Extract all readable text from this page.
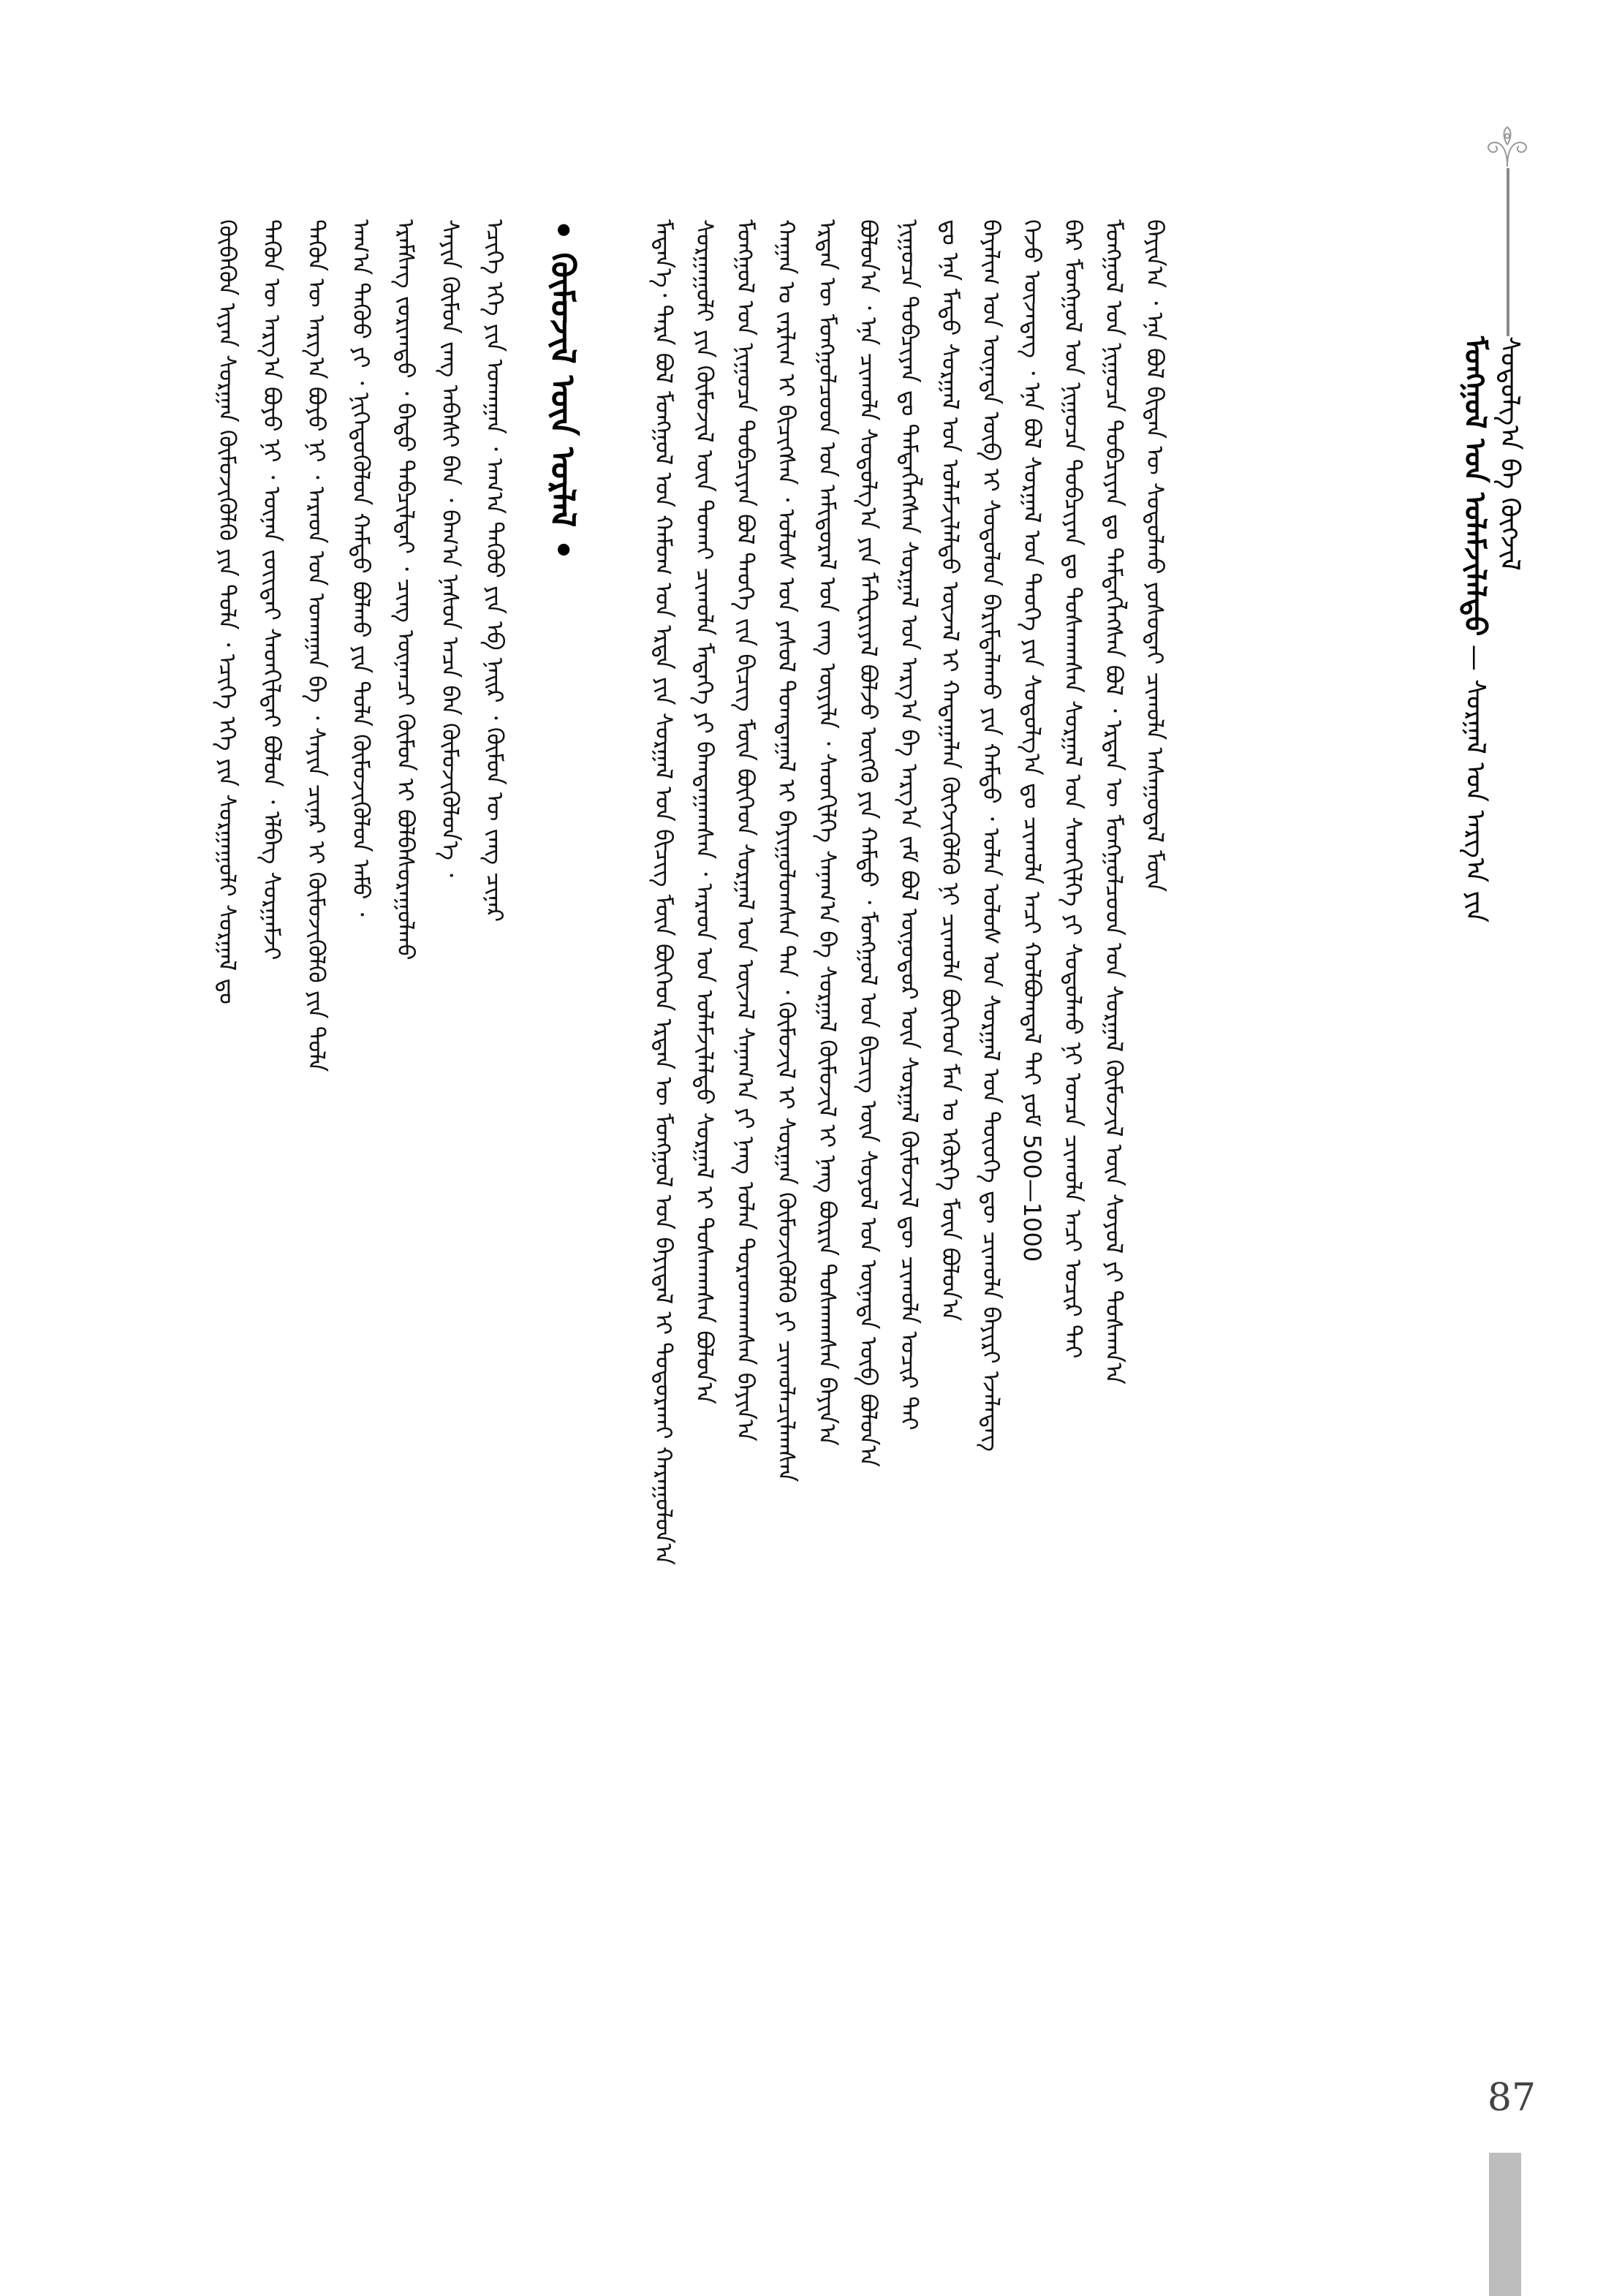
ᠮᠣᠩᠭᠣᠯ ᠤᠨ ᠤᠯᠠᠮᠵᠢᠯᠠᠯᠲᠤ — ᠰᠤᠷᠭᠠᠯ ᠤᠨ ᠠᠷᠭ᠎ᠠ ᠶᠢᠨ ᠰᠤᠳᠤᠯᠭ᠎ᠠ ᠪᠠ ᠬᠥᠭᠵᠢᠯ
ᠮᠡᠳᠡᠨ᠎ᠡ᠂ ᠲᠡᠷᠡ ᠪᠣᠯ ᠮᠣᠩᠭᠣᠯ ᠤᠨ ᠬᠠᠮᠤᠭ ᠤᠨ ᠡᠷᠲᠡ ᠶᠢᠨ ᠰᠤᠷᠭᠠᠯ ᠤᠨ ᠪᠢᠴᠢᠭ ᠮᠥᠨ ᠪᠥᠭᠡᠳ ᠡᠷᠲᠡᠨ ᠦ ᠮᠣᠩᠭᠣᠯ ᠤᠨ ᠪᠠᠶᠢᠳᠠᠯ ᠢ ᠲᠣᠳᠤᠷᠬᠠᠢ ᠬᠠᠷᠠᠭᠤᠯᠤᠨ᠎ᠠ ᠰᠤᠷᠭᠠᠭᠤᠯᠢ ᠶᠢᠨ ᠬᠥᠮᠦᠵᠢᠯ ᠦᠨ ᠲᠤᠬᠠᠢ ᠴᠢᠬᠤᠯᠠ ᠮᠡᠳᠡᠭᠡ ᠶᠢ ᠪᠠᠭᠲᠠᠭᠠᠭᠰᠠᠨ ᠂ ᠠᠷᠠᠳ ᠤᠨ ᠤᠯᠠᠮᠵᠢᠯᠠᠯᠲᠤ ᠰᠤᠷᠭᠠᠯ ᠢ ᠲᠤᠰᠬᠠᠭᠰᠠᠨ ᠪᠣᠯᠤᠨ᠎ᠠ ᠮᠣᠩᠭᠣᠯ ᠤᠨ ᠨᠢᠭᠤᠴᠠ ᠲᠣᠪᠴᠢᠶᠠᠨ ᠪᠣᠯ ᠲᠡᠦᠬᠡ ᠵᠢᠨ ᠪᠢᠴᠢᠭ ᠮᠥᠨ ᠪᠥᠭᠡᠳ ᠰᠤᠷᠭᠠᠯ ᠤᠨ ᠦᠵᠡᠯ ᠰᠠᠨᠠᠭ᠎ᠠ ᠶᠢ ᠨᠡᠩ ᠣᠯᠠᠨ ᠳᠤᠷᠠᠳᠬᠠᠭᠰᠠᠨ ᠪᠠᠶᠢᠨ᠎ᠠ ᠬᠠᠭᠠᠨ ᠤ ᠵᠠᠷᠯᠢᠭ ᠢ ᠪᠢᠴᠢᠭᠰᠡᠨ ᠂ ᠤᠯᠤᠰ ᠤᠨ ᠶᠠᠰᠤᠯ ᠲᠣᠭᠲᠠᠭᠠᠯ ᠢ ᠪᠠᠶᠢᠭᠤᠯᠤᠭᠰᠠᠨ ᠲᠠᠨ ᠂ ᠬᠦᠮᠦᠵᠢᠯ ᠢ ᠰᠤᠷᠭᠠᠨ ᠬᠥᠮᠦᠵᠢᠭᠦᠯᠬᠦ ᠶᠢ ᠴᠢᠬᠤᠯᠠᠴᠢᠯᠠᠭᠰᠠᠨ ᠡᠷᠲᠡᠨ ᠦ ᠮᠣᠩᠭᠣᠯᠴᠤᠳ ᠤᠨ ᠠᠮᠢᠳᠤᠷᠠᠯ ᠤᠨ ᠵᠠᠩ ᠦᠶᠢᠯᠡ ᠂ ᠰᠡᠳᠬᠢᠯᠭᠡ ᠰᠠᠨᠠᠭ᠎ᠠ ᠪᠠ ᠰᠤᠷᠭᠠᠯ ᠬᠥᠮᠦᠵᠢᠯ ᠢ ᠨᠡᠩ ᠪᠦᠷᠢᠨ ᠲᠤᠰᠬᠠᠭᠰᠠᠨ ᠪᠠᠶᠢᠨ᠎ᠠ ᠪᠣᠯᠤᠨ᠎ᠠ ᠂ ᠡᠨᠡ ᠴᠢᠬᠤᠯᠠ ᠰᠤᠳᠤᠯᠭ᠎ᠠ ᠶᠢᠨ ᠮᠠᠲ᠋ᠧᠷᠢᠶᠠᠯ ᠪᠣᠯᠵᠤ ᠥᠭᠬᠦ ᠶᠢᠨ ᠬᠠᠮᠲᠤ ᠂ ᠮᠣᠩᠭᠣᠯ ᠤᠨ ᠪᠢᠴᠢᠭ ᠦᠨ ᠰᠣᠶᠣᠯ ᠤᠨ ᠦᠨᠡᠲᠡ ᠥᠪ ᠪᠣᠯᠤᠨ᠎ᠠ ᠨᠢᠭᠤᠴᠠ ᠲᠣᠪᠴᠢᠶᠠᠨ ᠳᠤ ᠲᠡᠮᠳᠡᠭᠯᠡᠭᠰᠡᠨ ᠰᠤᠷᠭᠠᠯ ᠤᠨ ᠠᠷᠭ᠎ᠠ ᠪᠠ ᠠᠷᠭ᠎ᠠ ᠵᠠᠮ ᠪᠣᠯ ᠥᠨᠥᠳᠥᠷ ᠦᠨ ᠰᠤᠷᠭᠠᠯ ᠬᠥᠮᠦᠵᠢᠯ ᠳᠦ ᠴᠢᠬᠤᠯᠠ ᠤᠴᠢᠷ ᠲᠠᠢ ᠳᠤ ᠡᠨᠡ ᠮᠡᠲᠦ ᠰᠤᠷᠭᠠᠯ ᠤᠨ ᠤᠯᠠᠮᠵᠢᠯᠠᠯᠲᠤ ᠦᠵᠡᠯ ᠢ ᠬᠠᠳᠠᠭᠠᠯᠠᠨ ᠬᠥᠭᠵᠢᠭᠦᠯᠬᠦ ᠨᠢ ᠴᠢᠬᠤᠯᠠ ᠪᠥᠭᠡᠳ ᠮᠠᠨ ᠤ ᠡᠭᠦᠷᠭᠡ ᠮᠥᠨ ᠪᠣᠯᠤᠨ᠎ᠠ ᠪᠠᠶᠠᠯᠢᠭ ᠤᠨ ᠦᠨᠡᠲᠡ ᠥᠪ ᠢ ᠰᠤᠳᠤᠯᠤᠨ ᠪᠠᠷᠢᠮᠲᠠᠯᠠᠬᠤ ᠶᠢᠨ ᠬᠠᠮᠲᠤ ᠂ ᠣᠯᠠᠨ ᠤᠯᠤᠰ ᠤᠨ ᠰᠤᠷᠭᠠᠯ ᠤᠨ ᠲᠦᠦᠬᠡ ᠳᠦ ᠴᠢᠬᠤᠯᠠ ᠪᠠᠶᠢᠷᠢ ᠡᠵᠡᠯᠡᠳᠡᠭ ᠭᠡᠵᠦ ᠦᠵᠡᠳᠡᠭ ᠂ ᠡᠨᠡ ᠪᠣᠯ ᠰᠤᠷᠭᠠᠯ ᠤᠨ ᠲᠡᠦᠬᠡ ᠶᠢᠨ ᠰᠤᠳᠤᠯᠭ᠎ᠠ ᠳᠤ ᠴᠢᠬᠤᠯᠠ ᠠᠴᠢ ᠬᠣᠯᠪᠣᠭᠳᠠᠯ ᠲᠠᠢ ᠶᠤᠮ 500—1000 ᠪᠠᠷ ᠮᠣᠩᠭᠣᠯ ᠤᠨ ᠨᠢᠭᠤᠴᠠ ᠲᠣᠪᠴᠢᠶᠠᠨ ᠳᠤ ᠲᠤᠰᠬᠠᠭᠰᠠᠨ ᠰᠤᠷᠭᠠᠯ ᠤᠨ ᠰᠡᠳᠬᠢᠯᠭᠡ ᠶᠢ ᠰᠤᠳᠤᠯᠬᠤ ᠨᠢ ᠣᠨᠴᠠ ᠴᠢᠬᠤᠯᠠ ᠠᠴᠢ ᠤᠴᠢᠷ ᠲᠠᠢ ᠮᠣᠩᠭᠣᠯ ᠤᠨ ᠨᠢᠭᠤᠴᠠ ᠲᠣᠪᠴᠢᠶᠠᠨ ᠳᠤ ᠲᠡᠮᠳᠡᠭᠯᠡᠭᠰᠡᠨ ᠪᠣᠯ ᠂ ᠡᠷᠲᠡᠨ ᠦ ᠮᠣᠩᠭᠣᠯᠴᠤᠳ ᠤᠨ ᠰᠤᠷᠭᠠᠯ ᠬᠥᠮᠦᠵᠢᠯ ᠦᠨ ᠰᠣᠶᠣᠯ ᠶᠢ ᠲᠤᠰᠬᠠᠨ᠎ᠠ ᠪᠠᠶᠢᠨ᠎ᠠ ᠂ ᠡᠨᠡ ᠪᠣᠯ ᠪᠢᠳᠡᠨ ᠦ ᠰᠤᠳᠤᠯᠬᠤ ᠶᠣᠰᠣᠲᠠᠢ ᠴᠢᠬᠤᠯᠠ ᠠᠰᠠᠭᠤᠳᠠᠯ ᠮᠥᠨ
• ᠬᠥᠮᠦᠵᠢᠯ ᠦᠨ ᠤᠷᠯᠠᠯ •
ᠬᠥᠪᠡᠭᠦᠨ ᠢᠶᠡᠨ ᠰᠤᠷᠭᠠᠨ ᠬᠥᠮᠦᠵᠢᠭᠦᠯᠬᠦ ᠶᠢᠨ ᠲᠤᠯᠠ ᠂ ᠡᠴᠢᠭᠡ ᠡᠬᠡ ᠶᠢᠨ ᠰᠣᠷᠭᠠᠭᠤᠯᠢ ᠰᠤᠷᠭᠠᠯ ᠳᠤ ᠲᠡᠭᠦᠨ ᠦ ᠠᠷᠭ᠎ᠠ ᠪᠤᠶᠤ ᠨᠢ ᠂ ᠦᠨᠡᠨ ᠵᠦᠢᠲᠡᠢ ᠰᠡᠳᠬᠢᠯᠲᠡᠢ ᠪᠣᠯᠤᠨ ᠂ ᠡᠯᠪᠡᠭ ᠰᠤᠷᠭᠠᠮᠵᠢ ᠲᠡᠭᠦᠨ ᠦ ᠠᠷᠭ᠎ᠠ ᠪᠤᠶᠤ ᠨᠢ ᠂ ᠠᠷᠠᠳ ᠤᠨ ᠤᠬᠠᠭᠠᠨ ᠪᠠ ᠂ ᠰᠠᠶᠢᠨ ᠴᠢᠨᠠᠷ ᠢ ᠬᠥᠮᠦᠵᠢᠭᠦᠯᠬᠦ ᠶᠢᠨ ᠲᠤᠯᠠ ᠠᠬ᠎ᠠ ᠳᠡᠭᠦᠦ ᠶᠢ ᠂ ᠨᠢᠭᠡᠳᠦᠭᠦᠯᠦᠨ ᠬᠠᠮᠲᠤ ᠪᠣᠯᠬᠤ ᠶᠢᠨ ᠲᠤᠯᠠ ᠬᠥᠮᠦᠵᠢᠭᠦᠯᠦᠨ ᠠᠮᠤ ᠂ ᠡᠷᠡᠮᠰᠡᠭ ᠵᠣᠷᠢᠭᠲᠤ ᠂ ᠪᠠᠲᠤ ᠲᠡᠪᠴᠢᠯᠲᠡᠢ ᠂ ᠴᠢᠩ ᠦᠨᠡᠨᠴᠢ ᠬᠥᠮᠦᠨ ᠢ ᠪᠣᠯᠪᠠᠰᠤᠷᠠᠭᠤᠯᠬᠤ ᠰᠠᠶᠢᠨ ᠬᠦᠮᠦᠨ ᠵᠠᠩ ᠠᠪᠠᠰᠢ ᠪᠠᠨ ᠂ ᠪᠠᠭ᠎ᠠ ᠨᠠᠰᠤᠨ ᠠᠴᠠ ᠪᠠᠨ ᠬᠥᠮᠦᠵᠢᠭᠦᠯᠦᠨ᠎ᠡ ᠂ ᠡᠴᠢᠭᠡ ᠡᠬᠡ ᠶᠢᠨ ᠤᠬᠠᠭᠠᠨ ᠂ ᠠᠬ᠎ᠠ ᠳᠡᠭᠦᠦ ᠶᠢᠨ ᠡᠪ ᠨᠠᠢᠷ ᠂ ᠬᠥᠮᠦᠨ ᠦ ᠵᠠᠩ ᠴᠢᠨᠠᠷ
87
